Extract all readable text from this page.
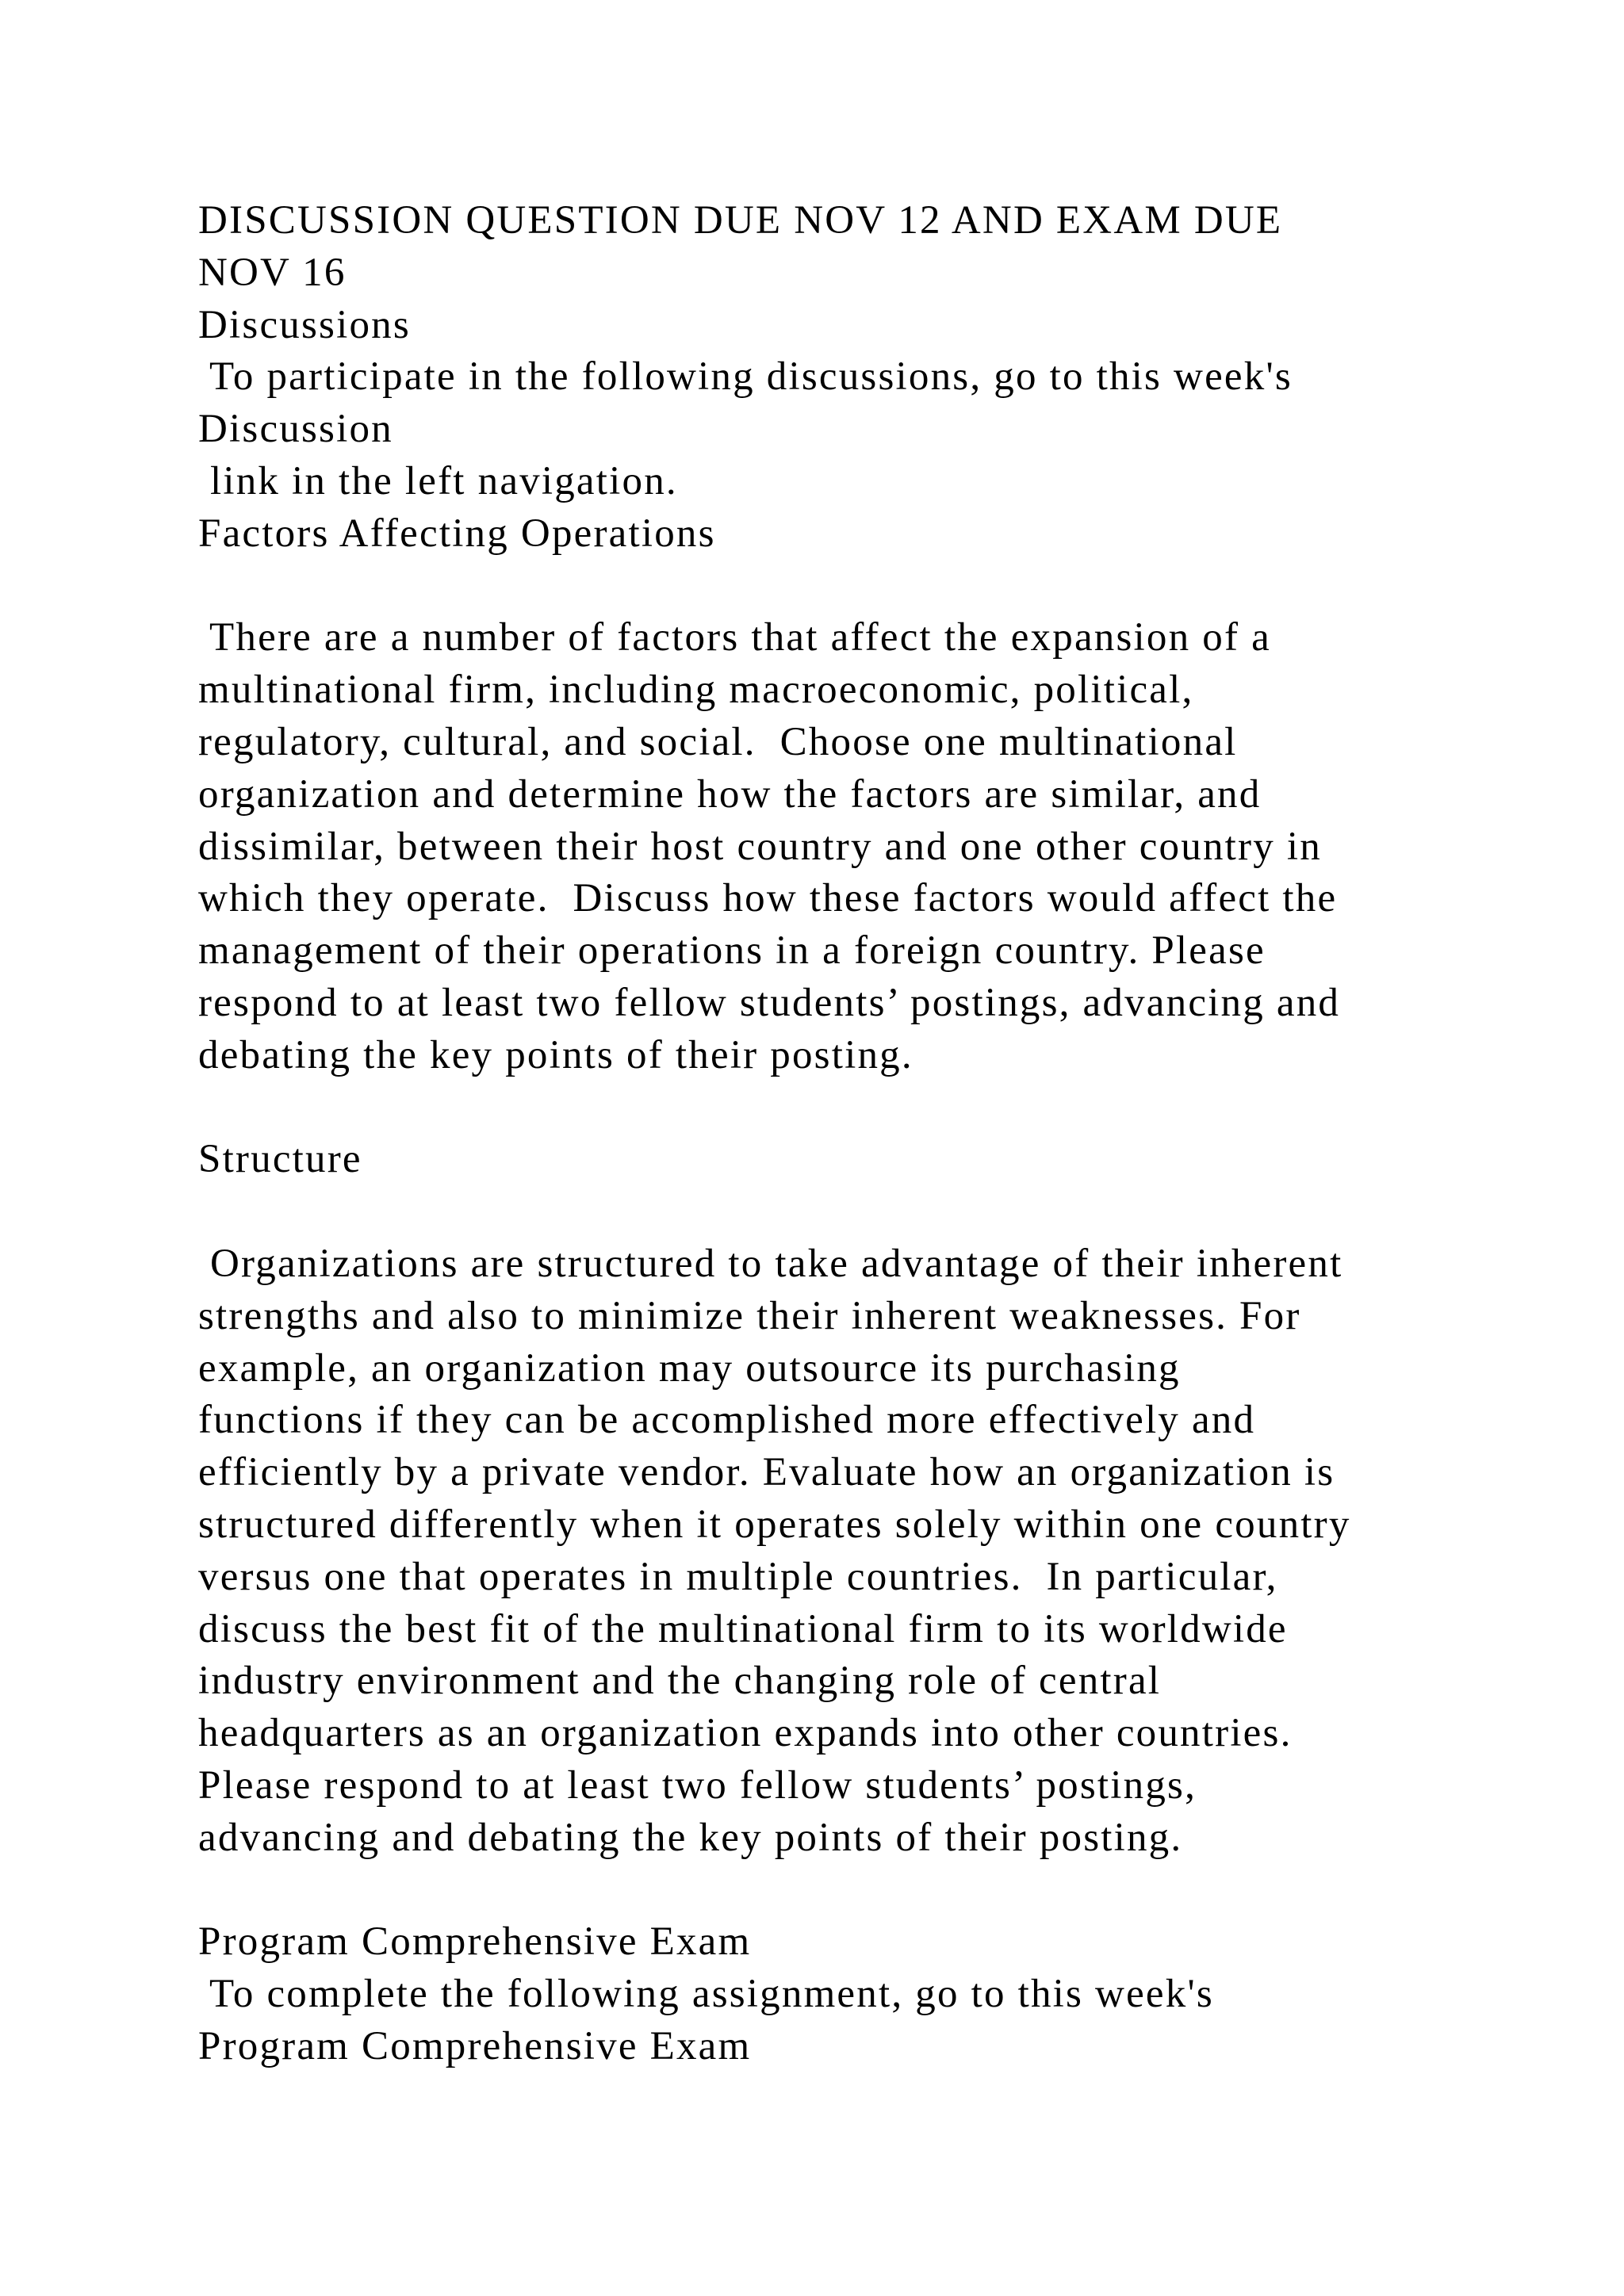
DISCUSSION QUESTION DUE NOV 12 AND EXAM DUE
NOV 16
Discussions
To participate in the following discussions, go to this week's
Discussion
link in the left navigation.
Factors Affecting Operations
There are a number of factors that affect the expansion of a
multinational firm, including macroeconomic, political,
regulatory, cultural, and social.  Choose one multinational
organization and determine how the factors are similar, and
dissimilar, between their host country and one other country in
which they operate.  Discuss how these factors would affect the
management of their operations in a foreign country. Please
respond to at least two fellow students’ postings, advancing and
debating the key points of their posting.
Structure
Organizations are structured to take advantage of their inherent
strengths and also to minimize their inherent weaknesses. For
example, an organization may outsource its purchasing
functions if they can be accomplished more effectively and
efficiently by a private vendor. Evaluate how an organization is
structured differently when it operates solely within one country
versus one that operates in multiple countries.  In particular,
discuss the best fit of the multinational firm to its worldwide
industry environment and the changing role of central
headquarters as an organization expands into other countries.
Please respond to at least two fellow students’ postings,
advancing and debating the key points of their posting.
Program Comprehensive Exam
To complete the following assignment, go to this week's
Program Comprehensive Exam
